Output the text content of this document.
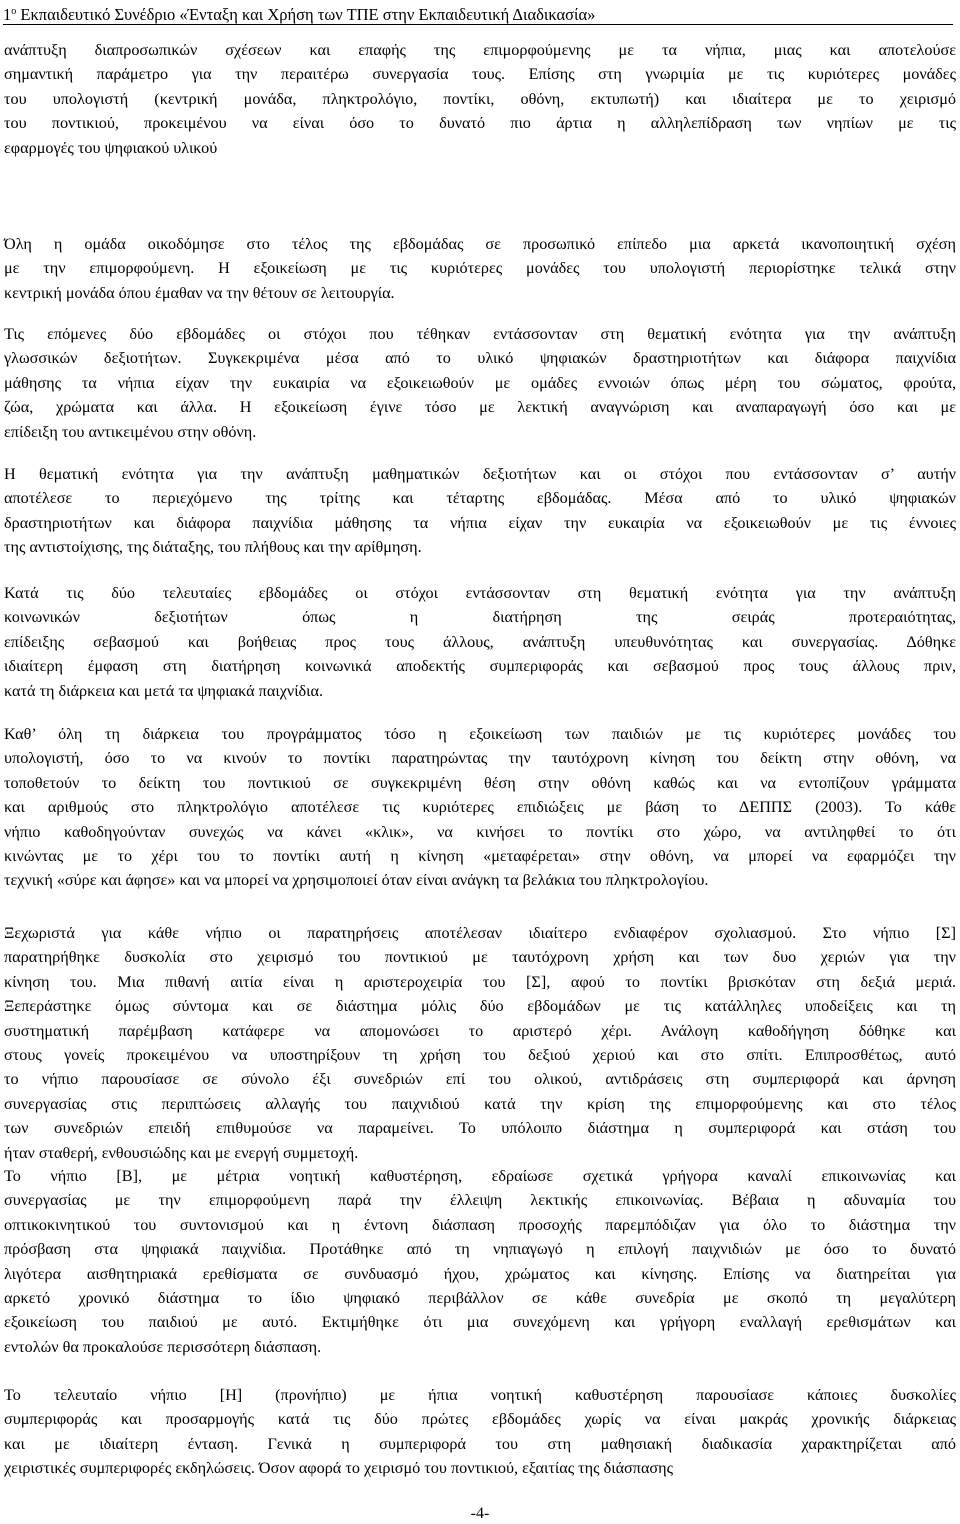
$1^o$ Εκπαιδευτικό Συνέδριο «Ένταξη και Χρήση των ΤΠΕ στην Εκπαιδευτική Διαδικασία»
ανάπτυξη διαπροσωπικών σχέσεων και επαφής της επιμορφούμενης με τα νήπια, μιας και αποτελούσε
σημαντική παράμετρο για την περαιτέρω συνεργασία τους. Επίσης στη γνωριμία με τις κυριότερες μονάδες
του υπολογιστή (κεντρική μονάδα, πληκτρολόγιο, ποντίκι, οθόνη, εκτυπωτή) και ιδιαίτερα με το χειρισμό
του ποντικιού, προκειμένου να είναι όσο το δυνατό πιο άρτια η αλληλεπίδραση των νηπίων με τις
εφαρμογές του ψηφιακού υλικού
Όλη η ομάδα οικοδόμησε στο τέλος της εβδομάδας σε προσωπικό επίπεδο μια αρκετά ικανοποιητική σχέση
με την επιμορφούμενη. Η εξοικείωση με τις κυριότερες μονάδες του υπολογιστή περιορίστηκε τελικά στην
κεντρική μονάδα όπου έμαθαν να την θέτουν σε λειτουργία.
Τις επόμενες δύο εβδομάδες οι στόχοι που τέθηκαν εντάσσονταν στη θεματική ενότητα για την ανάπτυξη
γλωσσικών δεξιοτήτων. Συγκεκριμένα μέσα από το υλικό ψηφιακών δραστηριοτήτων και διάφορα παιχνίδια
μάθησης τα νήπια είχαν την ευκαιρία να εξοικειωθούν με ομάδες εννοιών όπως μέρη του σώματος, φρούτα,
ζώα, χρώματα και άλλα. Η εξοικείωση έγινε τόσο με λεκτική αναγνώριση και αναπαραγωγή όσο και με
επίδειξη του αντικειμένου στην οθόνη.
Η θεματική ενότητα για την ανάπτυξη μαθηματικών δεξιοτήτων και οι στόχοι που εντάσσονταν σ’ αυτήν
αποτέλεσε το περιεχόμενο της τρίτης και τέταρτης εβδομάδας. Μέσα από το υλικό ψηφιακών
δραστηριοτήτων και διάφορα παιχνίδια μάθησης τα νήπια είχαν την ευκαιρία να εξοικειωθούν με τις έννοιες
της αντιστοίχισης, της διάταξης, του πλήθους και την αρίθμηση.
Κατά τις δύο τελευταίες εβδομάδες οι στόχοι εντάσσονταν στη θεματική ενότητα για την ανάπτυξη
κοινωνικών δεξιοτήτων όπως η διατήρηση της σειράς προτεραιότητας,
επίδειξης σεβασμού και βοήθειας προς τους άλλους, ανάπτυξη υπευθυνότητας και συνεργασίας. Δόθηκε
ιδιαίτερη έμφαση στη διατήρηση κοινωνικά αποδεκτής συμπεριφοράς και σεβασμού προς τους άλλους πριν,
κατά τη διάρκεια και μετά τα ψηφιακά παιχνίδια.
Καθ’ όλη τη διάρκεια του προγράμματος τόσο η εξοικείωση των παιδιών με τις κυριότερες μονάδες του
υπολογιστή, όσο το να κινούν το ποντίκι παρατηρώντας την ταυτόχρονη κίνηση του δείκτη στην οθόνη, να
τοποθετούν το δείκτη του ποντικιού σε συγκεκριμένη θέση στην οθόνη καθώς και να εντοπίζουν γράμματα
και αριθμούς στο πληκτρολόγιο αποτέλεσε τις κυριότερες επιδιώξεις με βάση το ΔΕΠΠΣ (2003). Το κάθε
νήπιο καθοδηγούνταν συνεχώς να κάνει «κλικ», να κινήσει το ποντίκι στο χώρο, να αντιληφθεί το ότι
κινώντας με το χέρι του το ποντίκι αυτή η κίνηση «μεταφέρεται» στην οθόνη, να μπορεί να εφαρμόζει την
τεχνική «σύρε και άφησε» και να μπορεί να χρησιμοποιεί όταν είναι ανάγκη τα βελάκια του πληκτρολογίου.
Ξεχωριστά για κάθε νήπιο οι παρατηρήσεις αποτέλεσαν ιδιαίτερο ενδιαφέρον σχολιασμού. Στο νήπιο [Σ]
παρατηρήθηκε δυσκολία στο χειρισμό του ποντικιού με ταυτόχρονη χρήση και των δυο χεριών για την
κίνηση του. Μια πιθανή αιτία είναι η αριστεροχειρία του [Σ], αφού το ποντίκι βρισκόταν στη δεξιά μεριά.
Ξεπεράστηκε όμως σύντομα και σε διάστημα μόλις δύο εβδομάδων με τις κατάλληλες υποδείξεις και τη
συστηματική παρέμβαση κατάφερε να απομονώσει το αριστερό χέρι. Ανάλογη καθοδήγηση δόθηκε και
στους γονείς προκειμένου να υποστηρίξουν τη χρήση του δεξιού χεριού και στο σπίτι. Επιπροσθέτως, αυτό
το νήπιο παρουσίασε σε σύνολο έξι συνεδριών επί του ολικού, αντιδράσεις στη συμπεριφορά και άρνηση
συνεργασίας στις περιπτώσεις αλλαγής του παιχνιδιού κατά την κρίση της επιμορφούμενης και στο τέλος
των συνεδριών επειδή επιθυμούσε να παραμείνει. Το υπόλοιπο διάστημα η συμπεριφορά και στάση του
ήταν σταθερή, ενθουσιώδης και με ενεργή συμμετοχή.
Το νήπιο [Β], με μέτρια νοητική καθυστέρηση, εδραίωσε σχετικά γρήγορα καναλί επικοινωνίας και
συνεργασίας με την επιμορφούμενη παρά την έλλειψη λεκτικής επικοινωνίας. Βέβαια η αδυναμία του
οπτικοκινητικού του συντονισμού και η έντονη διάσπαση προσοχής παρεμπόδιζαν για όλο το διάστημα την
πρόσβαση στα ψηφιακά παιχνίδια. Προτάθηκε από τη νηπιαγωγό η επιλογή παιχνιδιών με όσο το δυνατό
λιγότερα αισθητηριακά ερεθίσματα σε συνδυασμό ήχου, χρώματος και κίνησης. Επίσης να διατηρείται για
αρκετό χρονικό διάστημα το ίδιο ψηφιακό περιβάλλον σε κάθε συνεδρία με σκοπό τη μεγαλύτερη
εξοικείωση του παιδιού με αυτό. Εκτιμήθηκε ότι μια συνεχόμενη και γρήγορη εναλλαγή ερεθισμάτων και
εντολών θα προκαλούσε περισσότερη διάσπαση.
Το τελευταίο νήπιο [Η] (προνήπιο) με ήπια νοητική καθυστέρηση παρουσίασε κάποιες δυσκολίες
συμπεριφοράς και προσαρμογής κατά τις δύο πρώτες εβδομάδες χωρίς να είναι μακράς χρονικής διάρκειας
και με ιδιαίτερη ένταση. Γενικά η συμπεριφορά του στη μαθησιακή διαδικασία χαρακτηρίζεται από
χειριστικές συμπεριφορές εκδηλώσεις. Όσον αφορά το χειρισμό του ποντικιού, εξαιτίας της διάσπασης
-4-
